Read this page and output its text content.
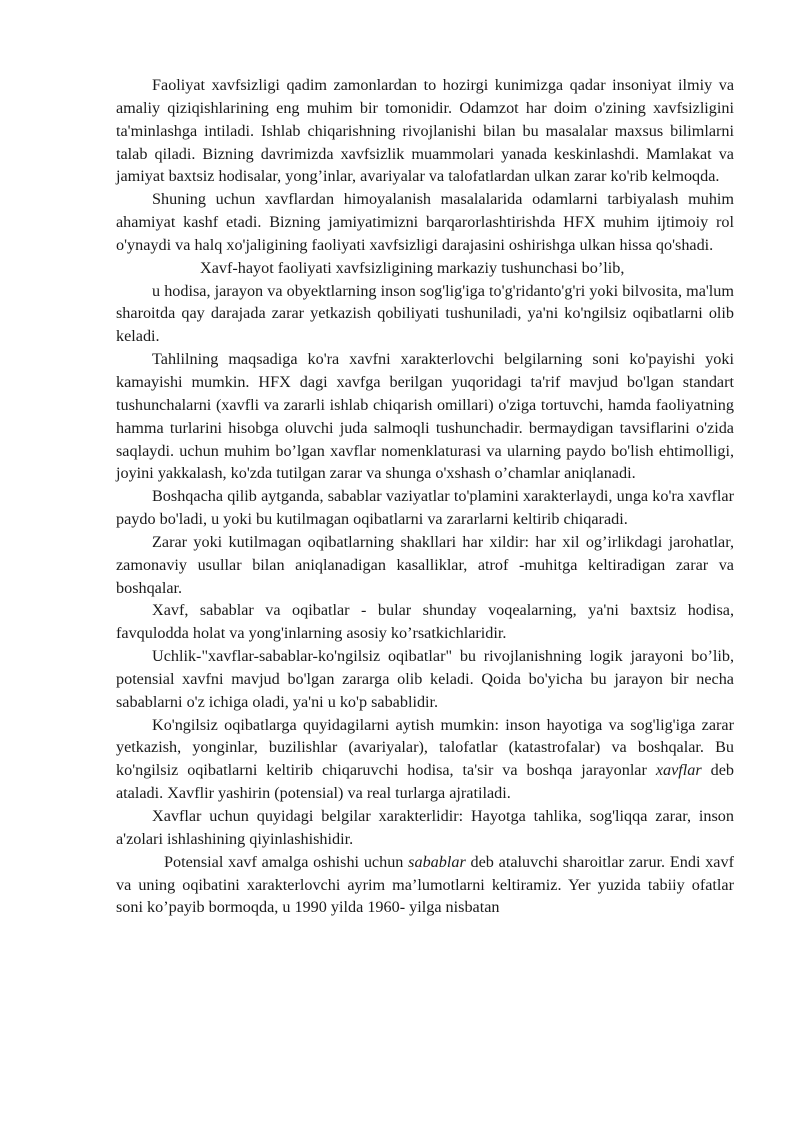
Faoliyat xavfsizligi qadim zamonlardan to hozirgi kunimizga qadar insoniyat ilmiy va amaliy qiziqishlarining eng muhim bir tomonidir. Odamzot har doim o'zining xavfsizligini ta'minlashga intiladi. Ishlab chiqarishning rivojlanishi bilan bu masalalar maxsus bilimlarni talab qiladi. Bizning davrimizda xavfsizlik muammolari yanada keskinlashdi. Mamlakat va jamiyat baxtsiz hodisalar, yong’inlar, avariyalar va talofatlardan ulkan zarar ko'rib kelmoqda.

Shuning uchun xavflardan himoyalanish masalalarida odamlarni tarbiyalash muhim ahamiyat kashf etadi. Bizning jamiyatimizni barqarorlashtirishda HFX muhim ijtimoiy rol o'ynaydi va halq xo'jaligining faoliyati xavfsizligi darajasini oshirishga ulkan hissa qo'shadi.

Xavf-hayot faoliyati xavfsizligining markaziy tushunchasi bo’lib,

u hodisa, jarayon va obyektlarning inson sog'lig'iga to'g'ridanto'g'ri yoki bilvosita, ma'lum sharoitda qay darajada zarar yetkazish qobiliyati tushuniladi, ya'ni ko'ngilsiz oqibatlarni olib keladi.

Tahlilning maqsadiga ko'ra xavfni xarakterlovchi belgilarning soni ko'payishi yoki kamayishi mumkin. HFX dagi xavfga berilgan yuqoridagi ta'rif mavjud bo'lgan standart tushunchalarni (xavfli va zararli ishlab chiqarish omillari) o'ziga tortuvchi, hamda faoliyatning hamma turlarini hisobga oluvchi juda salmoqli tushunchadir. bermaydigan tavsiflarini o'zida saqlaydi. uchun muhim bo’lgan xavflar nomenklaturasi va ularning paydo bo'lish ehtimolligi, joyini yakkalash, ko'zda tutilgan zarar va shunga o'xshash o’chamlar aniqlanadi.

Boshqacha qilib aytganda, sabablar vaziyatlar to'plamini xarakterlaydi, unga ko'ra xavflar paydo bo'ladi, u yoki bu kutilmagan oqibatlarni va zararlarni keltirib chiqaradi.

Zarar yoki kutilmagan oqibatlarning shakllari har xildir: har xil og’irlikdagi jarohatlar, zamonaviy usullar bilan aniqlanadigan kasalliklar, atrof -muhitga keltiradigan zarar va boshqalar.

Xavf, sabablar va oqibatlar - bular shunday voqealarning, ya'ni baxtsiz hodisa, favqulodda holat va yong'inlarning asosiy ko’rsatkichlaridir.

Uchlik-"xavflar-sabablar-ko'ngilsiz oqibatlar" bu rivojlanishning logik jarayoni bo’lib, potensial xavfni mavjud bo'lgan zararga olib keladi. Qoida bo'yicha bu jarayon bir necha sabablarni o'z ichiga oladi, ya'ni u ko'p sabablidir.

Ko'ngilsiz oqibatlarga quyidagilarni aytish mumkin: inson hayotiga va sog'lig'iga zarar yetkazish, yonginlar, buzilishlar (avariyalar), talofatlar (katastrofalar) va boshqalar. Bu ko'ngilsiz oqibatlarni keltirib chiqaruvchi hodisa, ta'sir va boshqa jarayonlar xavflar deb ataladi. Xavflir yashirin (potensial) va real turlarga ajratiladi.

Xavflar uchun quyidagi belgilar xarakterlidir: Hayotga tahlika, sog'liqqa zarar, inson a'zolari ishlashining qiyinlashishidir.

Potensial xavf amalga oshishi uchun sabablar deb ataluvchi sharoitlar zarur. Endi xavf va uning oqibatini xarakterlovchi ayrim ma’lumotlarni keltiramiz. Yer yuzida tabiiy ofatlar soni ko’payib bormoqda, u 1990 yilda 1960- yilga nisbatan
